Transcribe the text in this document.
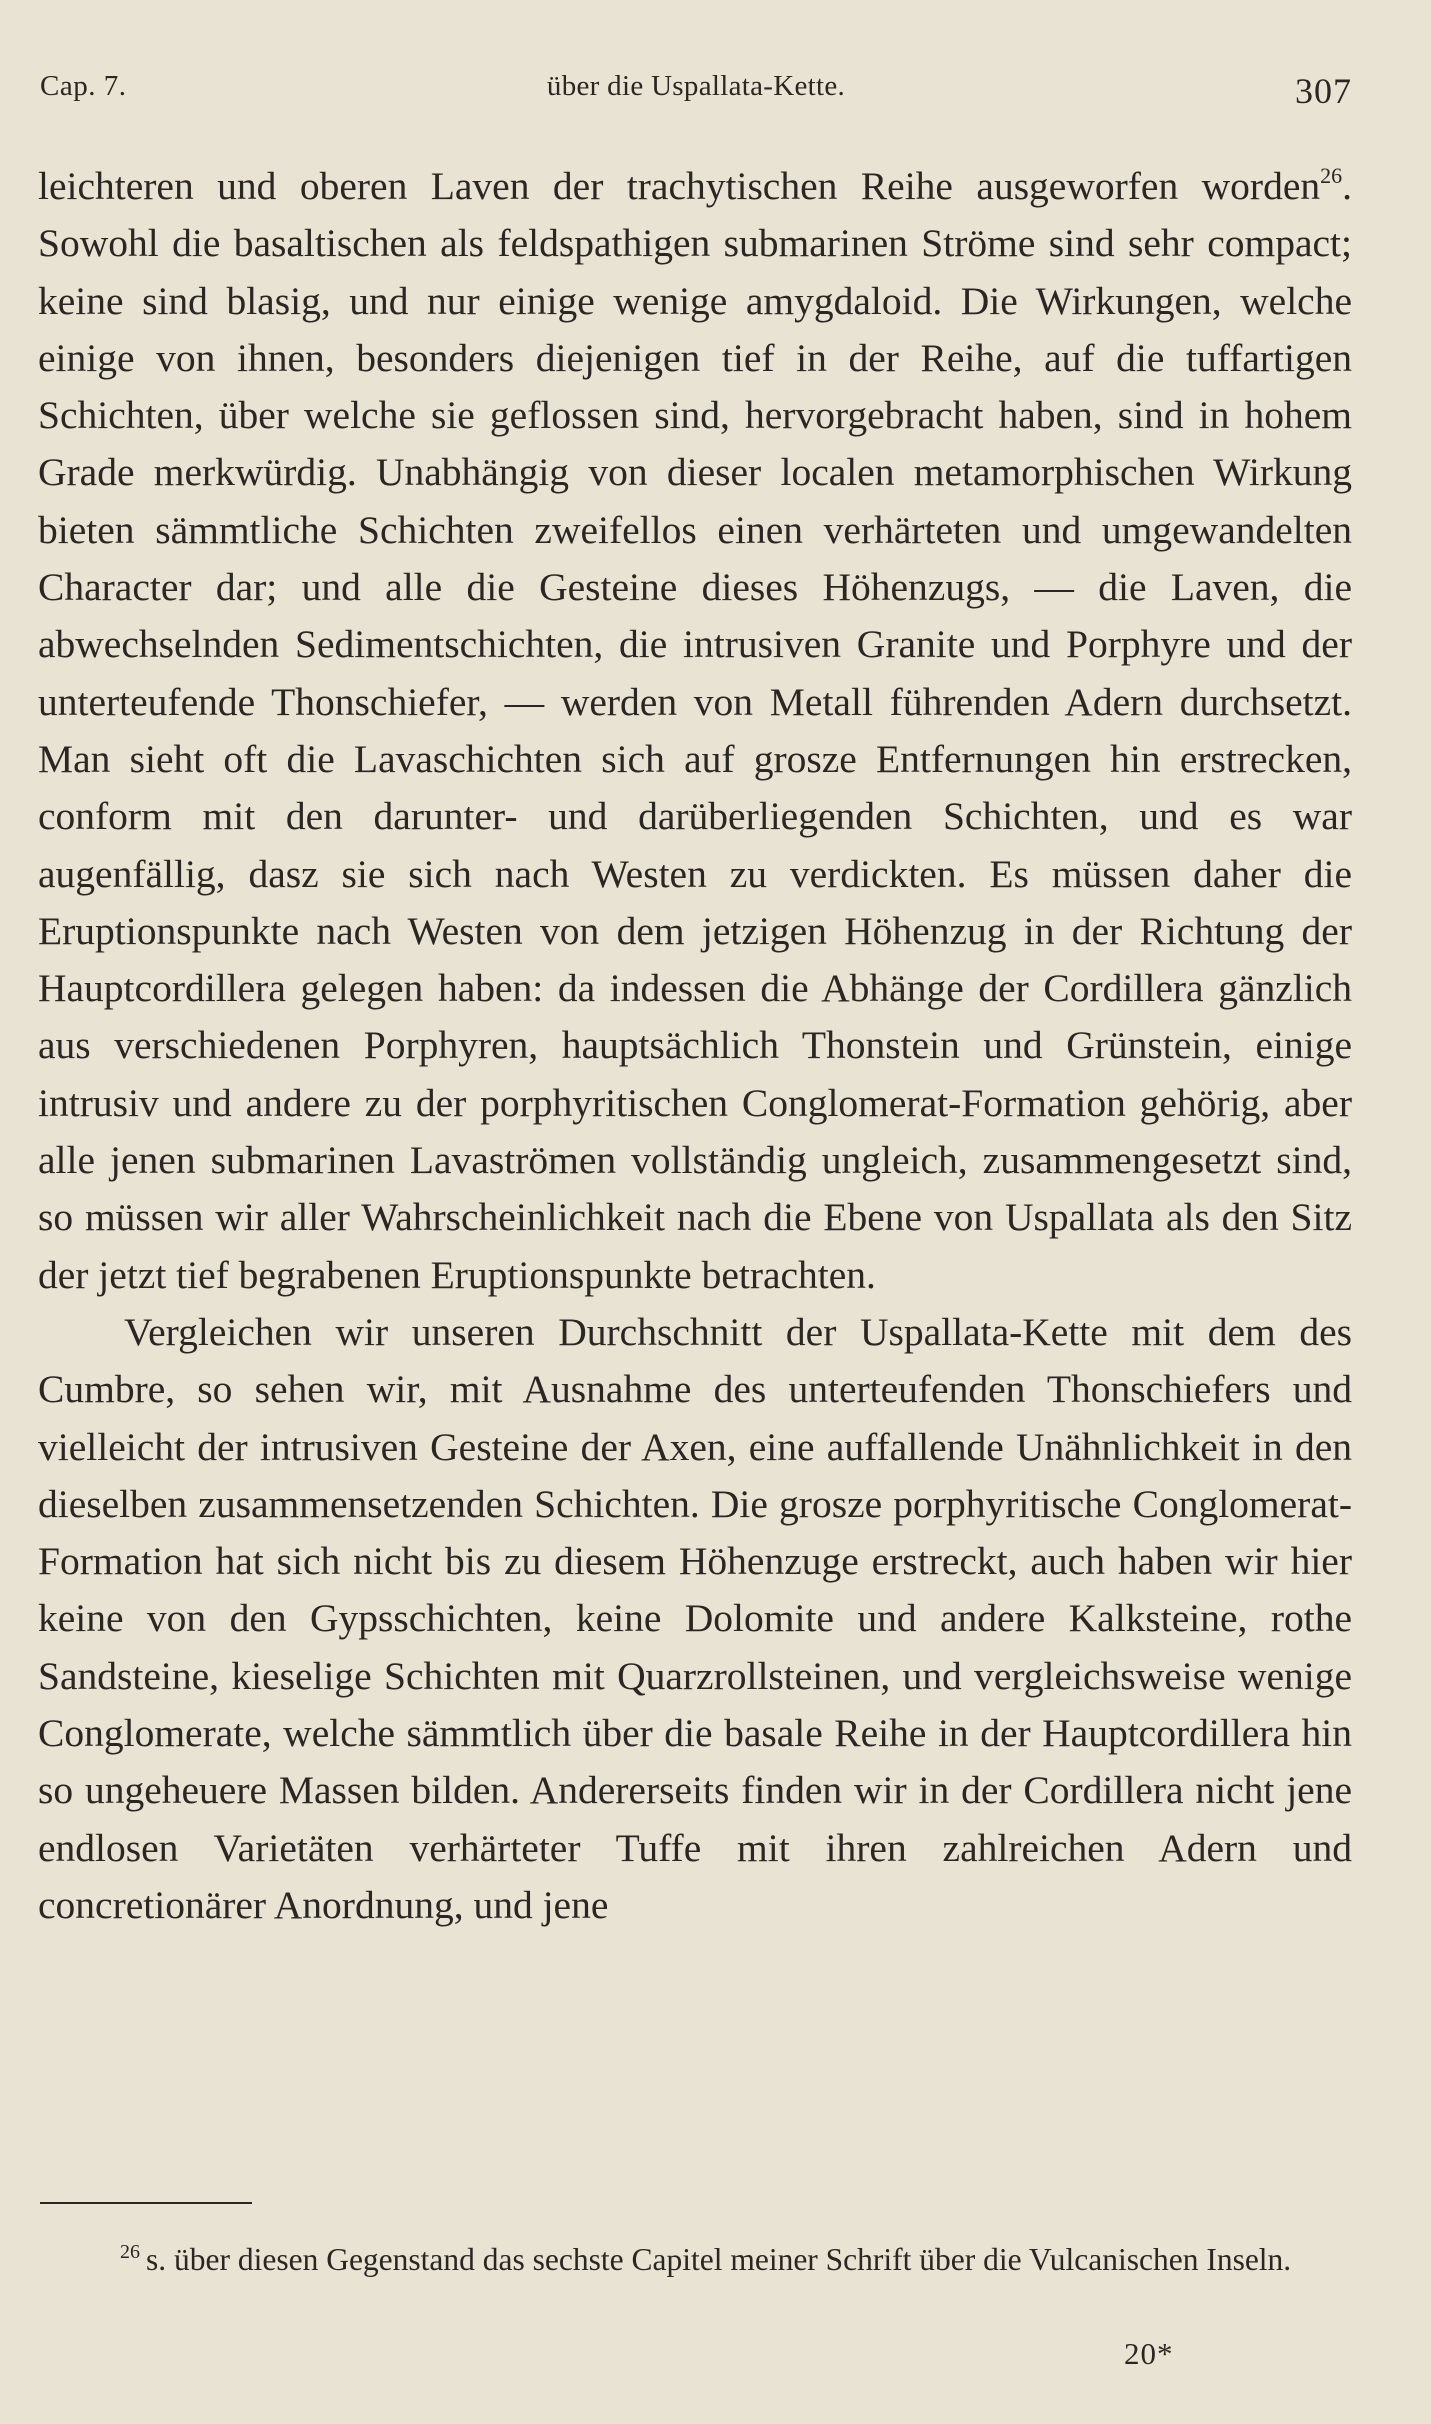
Cap. 7.	über die Uspallata-Kette.	307

leichteren und oberen Laven der trachytischen Reihe ausgeworfen worden$^{26}$. Sowohl die basaltischen als feldspathigen submarinen Ströme sind sehr compact; keine sind blasig, und nur einige wenige amygdaloid. Die Wirkungen, welche einige von ihnen, besonders diejenigen tief in der Reihe, auf die tuffartigen Schichten, über welche sie geflossen sind, hervorgebracht haben, sind in hohem Grade merkwürdig. Unabhängig von dieser localen metamorphischen Wirkung bieten sämmtliche Schichten zweifellos einen verhärteten und umgewandelten Character dar; und alle die Gesteine dieses Höhenzugs, — die Laven, die abwechselnden Sedimentschichten, die intrusiven Granite und Porphyre und der unterteufende Thonschiefer, — werden von Metall führenden Adern durchsetzt. Man sieht oft die Lavaschichten sich auf grosze Entfernungen hin erstrecken, conform mit den darunter- und darüberliegenden Schichten, und es war augenfällig, dasz sie sich nach Westen zu verdickten. Es müssen daher die Eruptionspunkte nach Westen von dem jetzigen Höhenzug in der Richtung der Hauptcordillera gelegen haben: da indessen die Abhänge der Cordillera gänzlich aus verschiedenen Porphyren, hauptsächlich Thonstein und Grünstein, einige intrusiv und andere zu der porphyritischen Conglomerat-Formation gehörig, aber alle jenen submarinen Lavaströmen vollständig ungleich, zusammengesetzt sind, so müssen wir aller Wahrscheinlichkeit nach die Ebene von Uspallata als den Sitz der jetzt tief begrabenen Eruptionspunkte betrachten.

Vergleichen wir unseren Durchschnitt der Uspallata-Kette mit dem des Cumbre, so sehen wir, mit Ausnahme des unterteufenden Thonschiefers und vielleicht der intrusiven Gesteine der Axen, eine auffallende Unähnlichkeit in den dieselben zusammensetzenden Schichten. Die grosze porphyritische Conglomerat-Formation hat sich nicht bis zu diesem Höhenzuge erstreckt, auch haben wir hier keine von den Gypsschichten, keine Dolomite und andere Kalksteine, rothe Sandsteine, kieselige Schichten mit Quarzrollsteinen, und vergleichsweise wenige Conglomerate, welche sämmtlich über die basale Reihe in der Hauptcordillera hin so ungeheuere Massen bilden. Andererseits finden wir in der Cordillera nicht jene endlosen Varietäten verhärteter Tuffe mit ihren zahlreichen Adern und concretionärer Anordnung, und jene

$^{26}$ s. über diesen Gegenstand das sechste Capitel meiner Schrift über die Vulcanischen Inseln.

20*
